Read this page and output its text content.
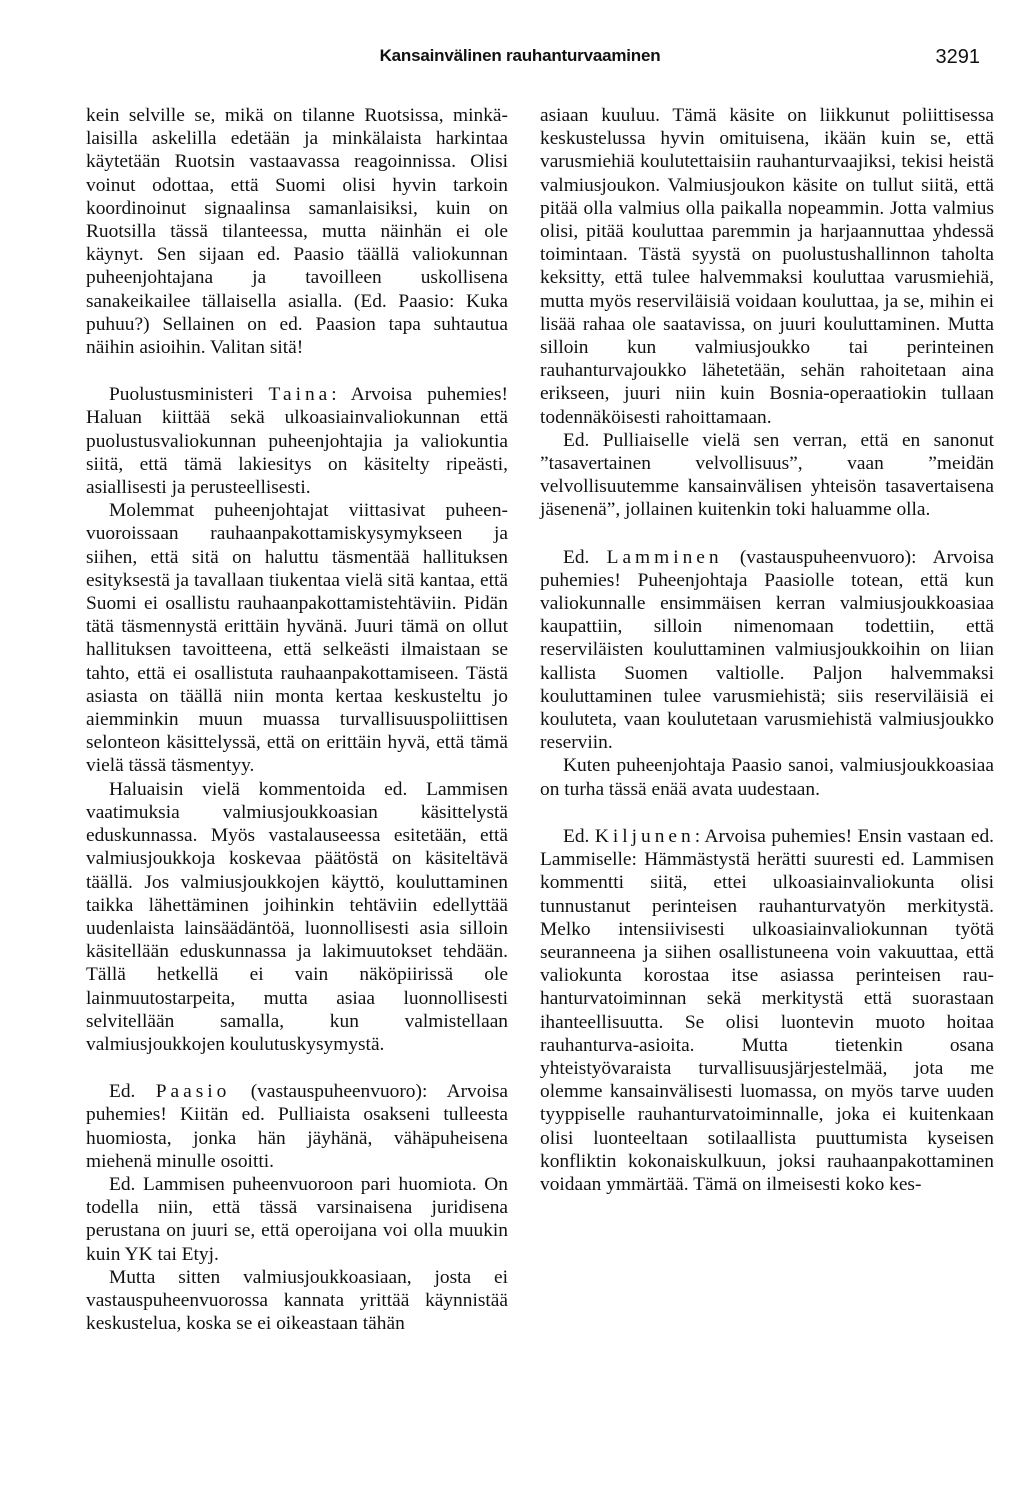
Kansainvälinen rauhanturvaaminen	3291

kein selville se, mikä on tilanne Ruotsissa, minkälaisilla askelilla edetään ja minkälaista harkintaa käytetään Ruotsin vastaavassa reagoinnissa. Olisi voinut odottaa, että Suomi olisi hyvin tarkoin koordinoinut signaalinsa samanlaisiksi, kuin on Ruotsilla tässä tilanteessa, mutta näinhän ei ole käynyt. Sen sijaan ed. Paasio täällä valiokunnan puheenjohtajana ja tavoilleen uskollisena sanakeikailee tällaisella asialla. (Ed. Paasio: Kuka puhuu?) Sellainen on ed. Paasion tapa suhtautua näihin asioihin. Valitan sitä!

Puolustusministeri Taina: Arvoisa puhemies! Haluan kiittää sekä ulkoasiainvaliokunnan että puolustusvaliokunnan puheenjohtajia ja valiokuntia siitä, että tämä lakiesitys on käsitelty ripeästi, asiallisesti ja perusteellisesti.

Molemmat puheenjohtajat viittasivat puheenvuoroissaan rauhaanpakottamiskysymykseen ja siihen, että sitä on haluttu täsmentää hallituksen esityksestä ja tavallaan tiukentaa vielä sitä kantaa, että Suomi ei osallistu rauhaanpakottamistehtäviin. Pidän tätä täsmennystä erittäin hyvänä. Juuri tämä on ollut hallituksen tavoitteena, että selkeästi ilmaistaan se tahto, että ei osallistuta rauhaanpakottamiseen. Tästä asiasta on täällä niin monta kertaa keskusteltu jo aiemminkin muun muassa turvallisuuspoliittisen selonteon käsittelyssä, että on erittäin hyvä, että tämä vielä tässä täsmentyy.

Haluaisin vielä kommentoida ed. Lammisen vaatimuksia valmiusjoukkoasian käsittelystä eduskunnassa. Myös vastalauseessa esitetään, että valmiusjoukkoja koskevaa päätöstä on käsiteltävä täällä. Jos valmiusjoukkojen käyttö, kouluttaminen taikka lähettäminen joihinkin tehtäviin edellyttää uudenlaista lainsäädäntöä, luonnollisesti asia silloin käsitellään eduskunnassa ja lakimuutokset tehdään. Tällä hetkellä ei vain näköpiirissä ole lainmuutostarpeita, mutta asiaa luonnollisesti selvitellään samalla, kun valmistellaan valmiusjoukkojen koulutuskysymystä.

Ed. Paasio (vastauspuheenvuoro): Arvoisa puhemies! Kiitän ed. Pulliaista osakseni tulleesta huomiosta, jonka hän jäyhänä, vähäpuheisena miehenä minulle osoitti.

Ed. Lammisen puheenvuoroon pari huomiota. On todella niin, että tässä varsinaisena juridisena perustana on juuri se, että operoijana voi olla muukin kuin YK tai Etyj.

Mutta sitten valmiusjoukkoasiaan, josta ei vastauspuheenvuorossa kannata yrittää käynnistää keskustelua, koska se ei oikeastaan tähän

asiaan kuuluu. Tämä käsite on liikkunut poliittisessa keskustelussa hyvin omituisena, ikään kuin se, että varusmiehiä koulutettaisiin rauhanturvaajiksi, tekisi heistä valmiusjoukon. Valmiusjoukon käsite on tullut siitä, että pitää olla valmius olla paikalla nopeammin. Jotta valmius olisi, pitää kouluttaa paremmin ja harjaannuttaa yhdessä toimintaan. Tästä syystä on puolustushallinnon taholta keksitty, että tulee halvemmaksi kouluttaa varusmiehiä, mutta myös reserviläisiä voidaan kouluttaa, ja se, mihin ei lisää rahaa ole saatavissa, on juuri kouluttaminen. Mutta silloin kun valmiusjoukko tai perinteinen rauhanturvajoukko lähetetään, sehän rahoitetaan aina erikseen, juuri niin kuin Bosnia-operaatiokin tullaan todennäköisesti rahoittamaan.

Ed. Pulliaiselle vielä sen verran, että en sanonut ”tasavertainen velvollisuus”, vaan ”meidän velvollisuutemme kansainvälisen yhteisön tasavertaisena jäsenenä”, jollainen kuitenkin toki haluamme olla.

Ed. Lamminen (vastauspuheenvuoro): Arvoisa puhemies! Puheenjohtaja Paasiolle totean, että kun valiokunnalle ensimmäisen kerran valmiusjoukkoasiaa kaupattiin, silloin nimenomaan todettiin, että reserviläisten kouluttaminen valmiusjoukkoihin on liian kallista Suomen valtiolle. Paljon halvemmaksi kouluttaminen tulee varusmiehistä; siis reserviläisiä ei kouluteta, vaan koulutetaan varusmiehistä valmiusjoukko reserviin.

Kuten puheenjohtaja Paasio sanoi, valmiusjoukkoasiaa on turha tässä enää avata uudestaan.

Ed. Kiljunen: Arvoisa puhemies! Ensin vastaan ed. Lammiselle: Hämmästystä herätti suuresti ed. Lammisen kommentti siitä, ettei ulkoasiainvaliokunta olisi tunnustanut perinteisen rauhanturvatyön merkitystä. Melko intensiivisesti ulkoasiainvaliokunnan työtä seuranneena ja siihen osallistuneena voin vakuuttaa, että valiokunta korostaa itse asiassa perinteisen rauhanturvatoiminnan sekä merkitystä että suorastaan ihanteellisuutta. Se olisi luontevin muoto hoitaa rauhanturva-asioita. Mutta tietenkin osana yhteistyövaraista turvallisuusjärjestelmää, jota me olemme kansainvälisesti luomassa, on myös tarve uuden tyyppiselle rauhanturvatoiminnalle, joka ei kuitenkaan olisi luonteeltaan sotilaallista puuttumista kyseisen konfliktin kokonaiskulkuun, joksi rauhaanpakottaminen voidaan ymmärtää. Tämä on ilmeisesti koko kes-
